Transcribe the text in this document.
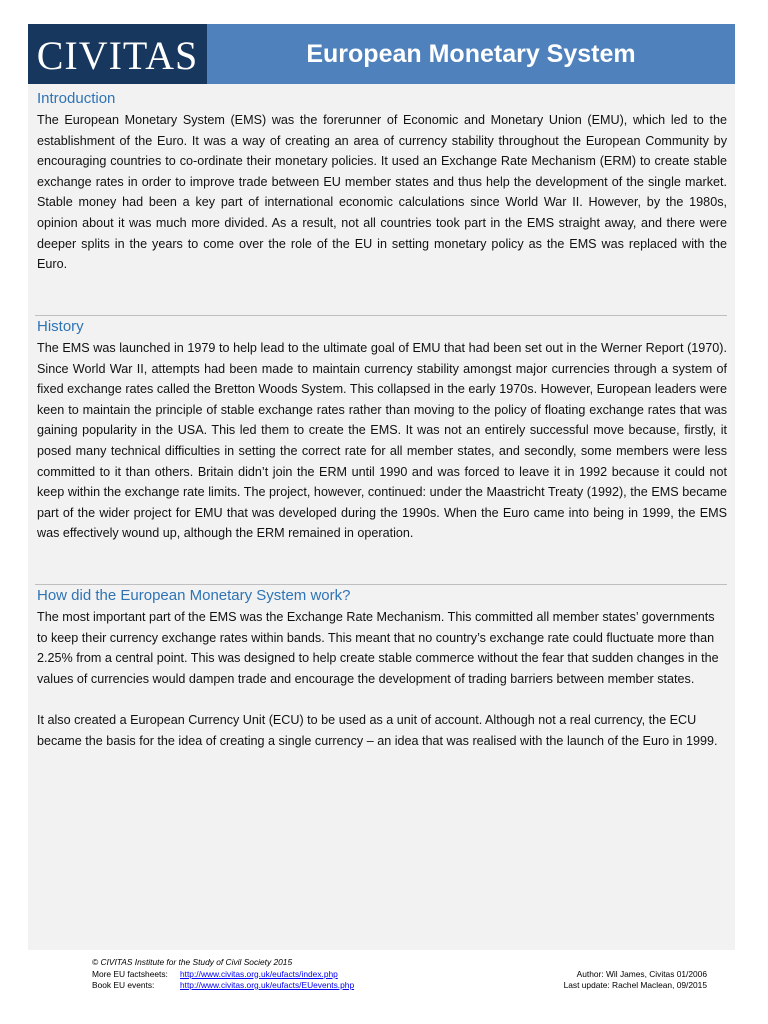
CIVITAS	European Monetary System
Introduction

The European Monetary System (EMS) was the forerunner of Economic and Monetary Union (EMU), which led to the establishment of the Euro. It was a way of creating an area of currency stability throughout the European Community by encouraging countries to co-ordinate their monetary policies. It used an Exchange Rate Mechanism (ERM) to create stable exchange rates in order to improve trade between EU member states and thus help the development of the single market. Stable money had been a key part of international economic calculations since World War II. However, by the 1980s, opinion about it was much more divided. As a result, not all countries took part in the EMS straight away, and there were deeper splits in the years to come over the role of the EU in setting monetary policy as the EMS was replaced with the Euro.

History

The EMS was launched in 1979 to help lead to the ultimate goal of EMU that had been set out in the Werner Report (1970). Since World War II, attempts had been made to maintain currency stability amongst major currencies through a system of fixed exchange rates called the Bretton Woods System. This collapsed in the early 1970s. However, European leaders were keen to maintain the principle of stable exchange rates rather than moving to the policy of floating exchange rates that was gaining popularity in the USA. This led them to create the EMS. It was not an entirely successful move because, firstly, it posed many technical difficulties in setting the correct rate for all member states, and secondly, some members were less committed to it than others. Britain didn’t join the ERM until 1990 and was forced to leave it in 1992 because it could not keep within the exchange rate limits. The project, however, continued: under the Maastricht Treaty (1992), the EMS became part of the wider project for EMU that was developed during the 1990s. When the Euro came into being in 1999, the EMS was effectively wound up, although the ERM remained in operation.

How did the European Monetary System work?

The most important part of the EMS was the Exchange Rate Mechanism. This committed all member states’ governments to keep their currency exchange rates within bands. This meant that no country’s exchange rate could fluctuate more than 2.25% from a central point. This was designed to help create stable commerce without the fear that sudden changes in the values of currencies would dampen trade and encourage the development of trading barriers between member states.

It also created a European Currency Unit (ECU) to be used as a unit of account. Although not a real currency, the ECU became the basis for the idea of creating a single currency – an idea that was realised with the launch of the Euro in 1999.

© CIVITAS Institute for the Study of Civil Society 2015
More EU factsheets:	http://www.civitas.org.uk/eufacts/index.php	Author: Wil James, Civitas 01/2006
Book EU events:	http://www.civitas.org.uk/eufacts/EUevents.php	Last update: Rachel Maclean, 09/2015
